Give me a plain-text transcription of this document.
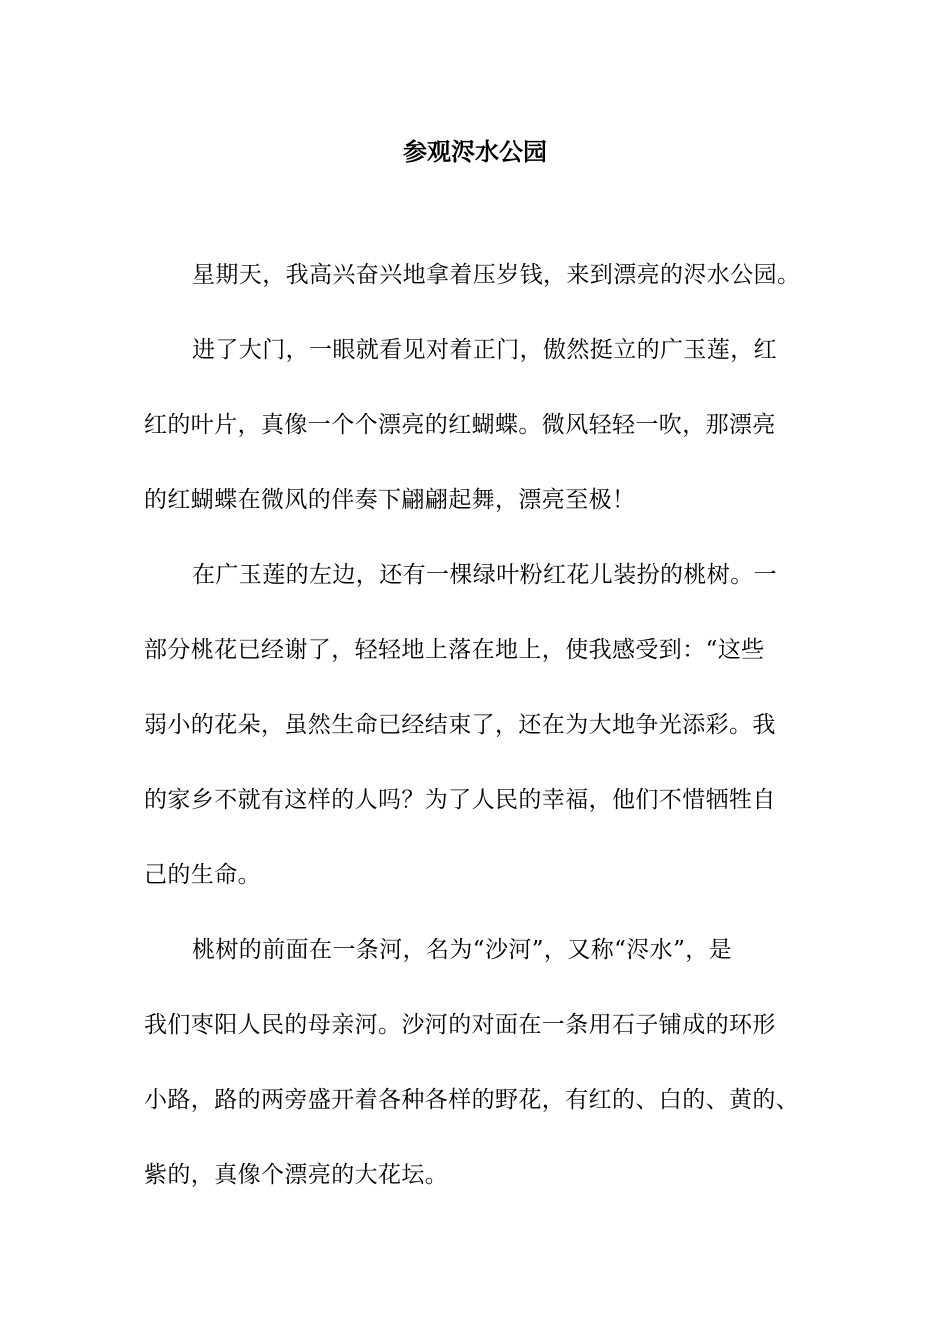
参观浕水公园
星期天，我高兴奋兴地拿着压岁钱，来到漂亮的浕水公园。
进了大门，一眼就看见对着正门，傲然挺立的广玉莲，红
红的叶片，真像一个个漂亮的红蝴蝶。微风轻轻一吹，那漂亮
的红蝴蝶在微风的伴奏下翩翩起舞，漂亮至极！
在广玉莲的左边，还有一棵绿叶粉红花儿装扮的桃树。一
部分桃花已经谢了，轻轻地上落在地上，使我感受到：“这些
弱小的花朵，虽然生命已经结束了，还在为大地争光添彩。我
的家乡不就有这样的人吗？为了人民的幸福，他们不惜牺牲自
己的生命。
桃树的前面在一条河，名为“沙河”，又称“浕水”，是
我们枣阳人民的母亲河。沙河的对面在一条用石子铺成的环形
小路，路的两旁盛开着各种各样的野花，有红的、白的、黄的、
紫的，真像个漂亮的大花坛。
